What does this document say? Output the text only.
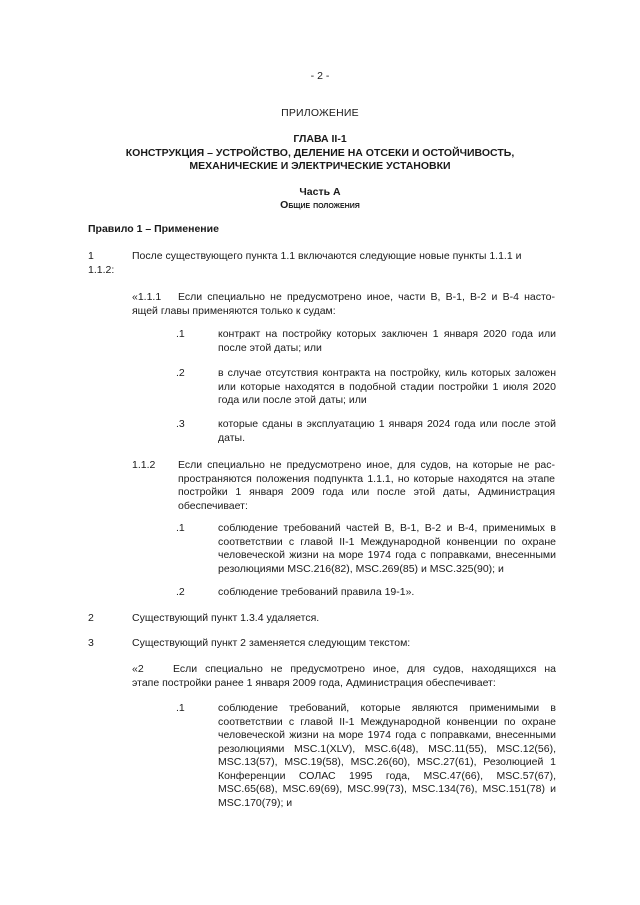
- 2 -
ПРИЛОЖЕНИЕ
ГЛАВА II-1
КОНСТРУКЦИЯ – УСТРОЙСТВО, ДЕЛЕНИЕ НА ОТСЕКИ И ОСТОЙЧИВОСТЬ,
МЕХАНИЧЕСКИЕ И ЭЛЕКТРИЧЕСКИЕ УСТАНОВКИ
Часть А
Общие положения
Правило 1 – Применение
1	После существующего пункта 1.1 включаются следующие новые пункты 1.1.1 и
1.1.2:
«1.1.1 Если специально не предусмотрено иное, части B, B-1, B-2 и B-4 насто-
ящей главы применяются только к судам:
.1	контракт на постройку которых заключен 1 января 2020 года или после этой даты; или
.2	в случае отсутствия контракта на постройку, киль которых заложен или которые находятся в подобной стадии постройки 1 июля 2020 года или после этой даты; или
.3	которые сданы в эксплуатацию 1 января 2024 года или после этой даты.
1.1.2 Если специально не предусмотрено иное, для судов, на которые не рас-
пространяются положения подпункта 1.1.1, но которые находятся на этапе постройки 1 января 2009 года или после этой даты, Администрация обеспечивает:
.1	соблюдение требований частей B, B-1, B-2 и B-4, применимых в соответствии с главой II-1 Международной конвенции по охране человеческой жизни на море 1974 года с поправками, внесенными резолюциями MSC.216(82), MSC.269(85) и MSC.325(90); и
.2	соблюдение требований правила 19-1».
2	Существующий пункт 1.3.4 удаляется.
3	Существующий пункт 2 заменяется следующим текстом:
«2	Если специально не предусмотрено иное, для судов, находящихся на
этапе постройки ранее 1 января 2009 года, Администрация обеспечивает:
.1	соблюдение требований, которые являются применимыми в соответствии с главой II-1 Международной конвенции по охране человеческой жизни на море 1974 года с поправками, внесенными резолюциями MSC.1(XLV), MSC.6(48), MSC.11(55), MSC.12(56), MSC.13(57), MSC.19(58), MSC.26(60), MSC.27(61), Резолюцией 1 Конференции СОЛАС 1995 года, MSC.47(66), MSC.57(67), MSC.65(68), MSC.69(69), MSC.99(73), MSC.134(76), MSC.151(78) и MSC.170(79); и
